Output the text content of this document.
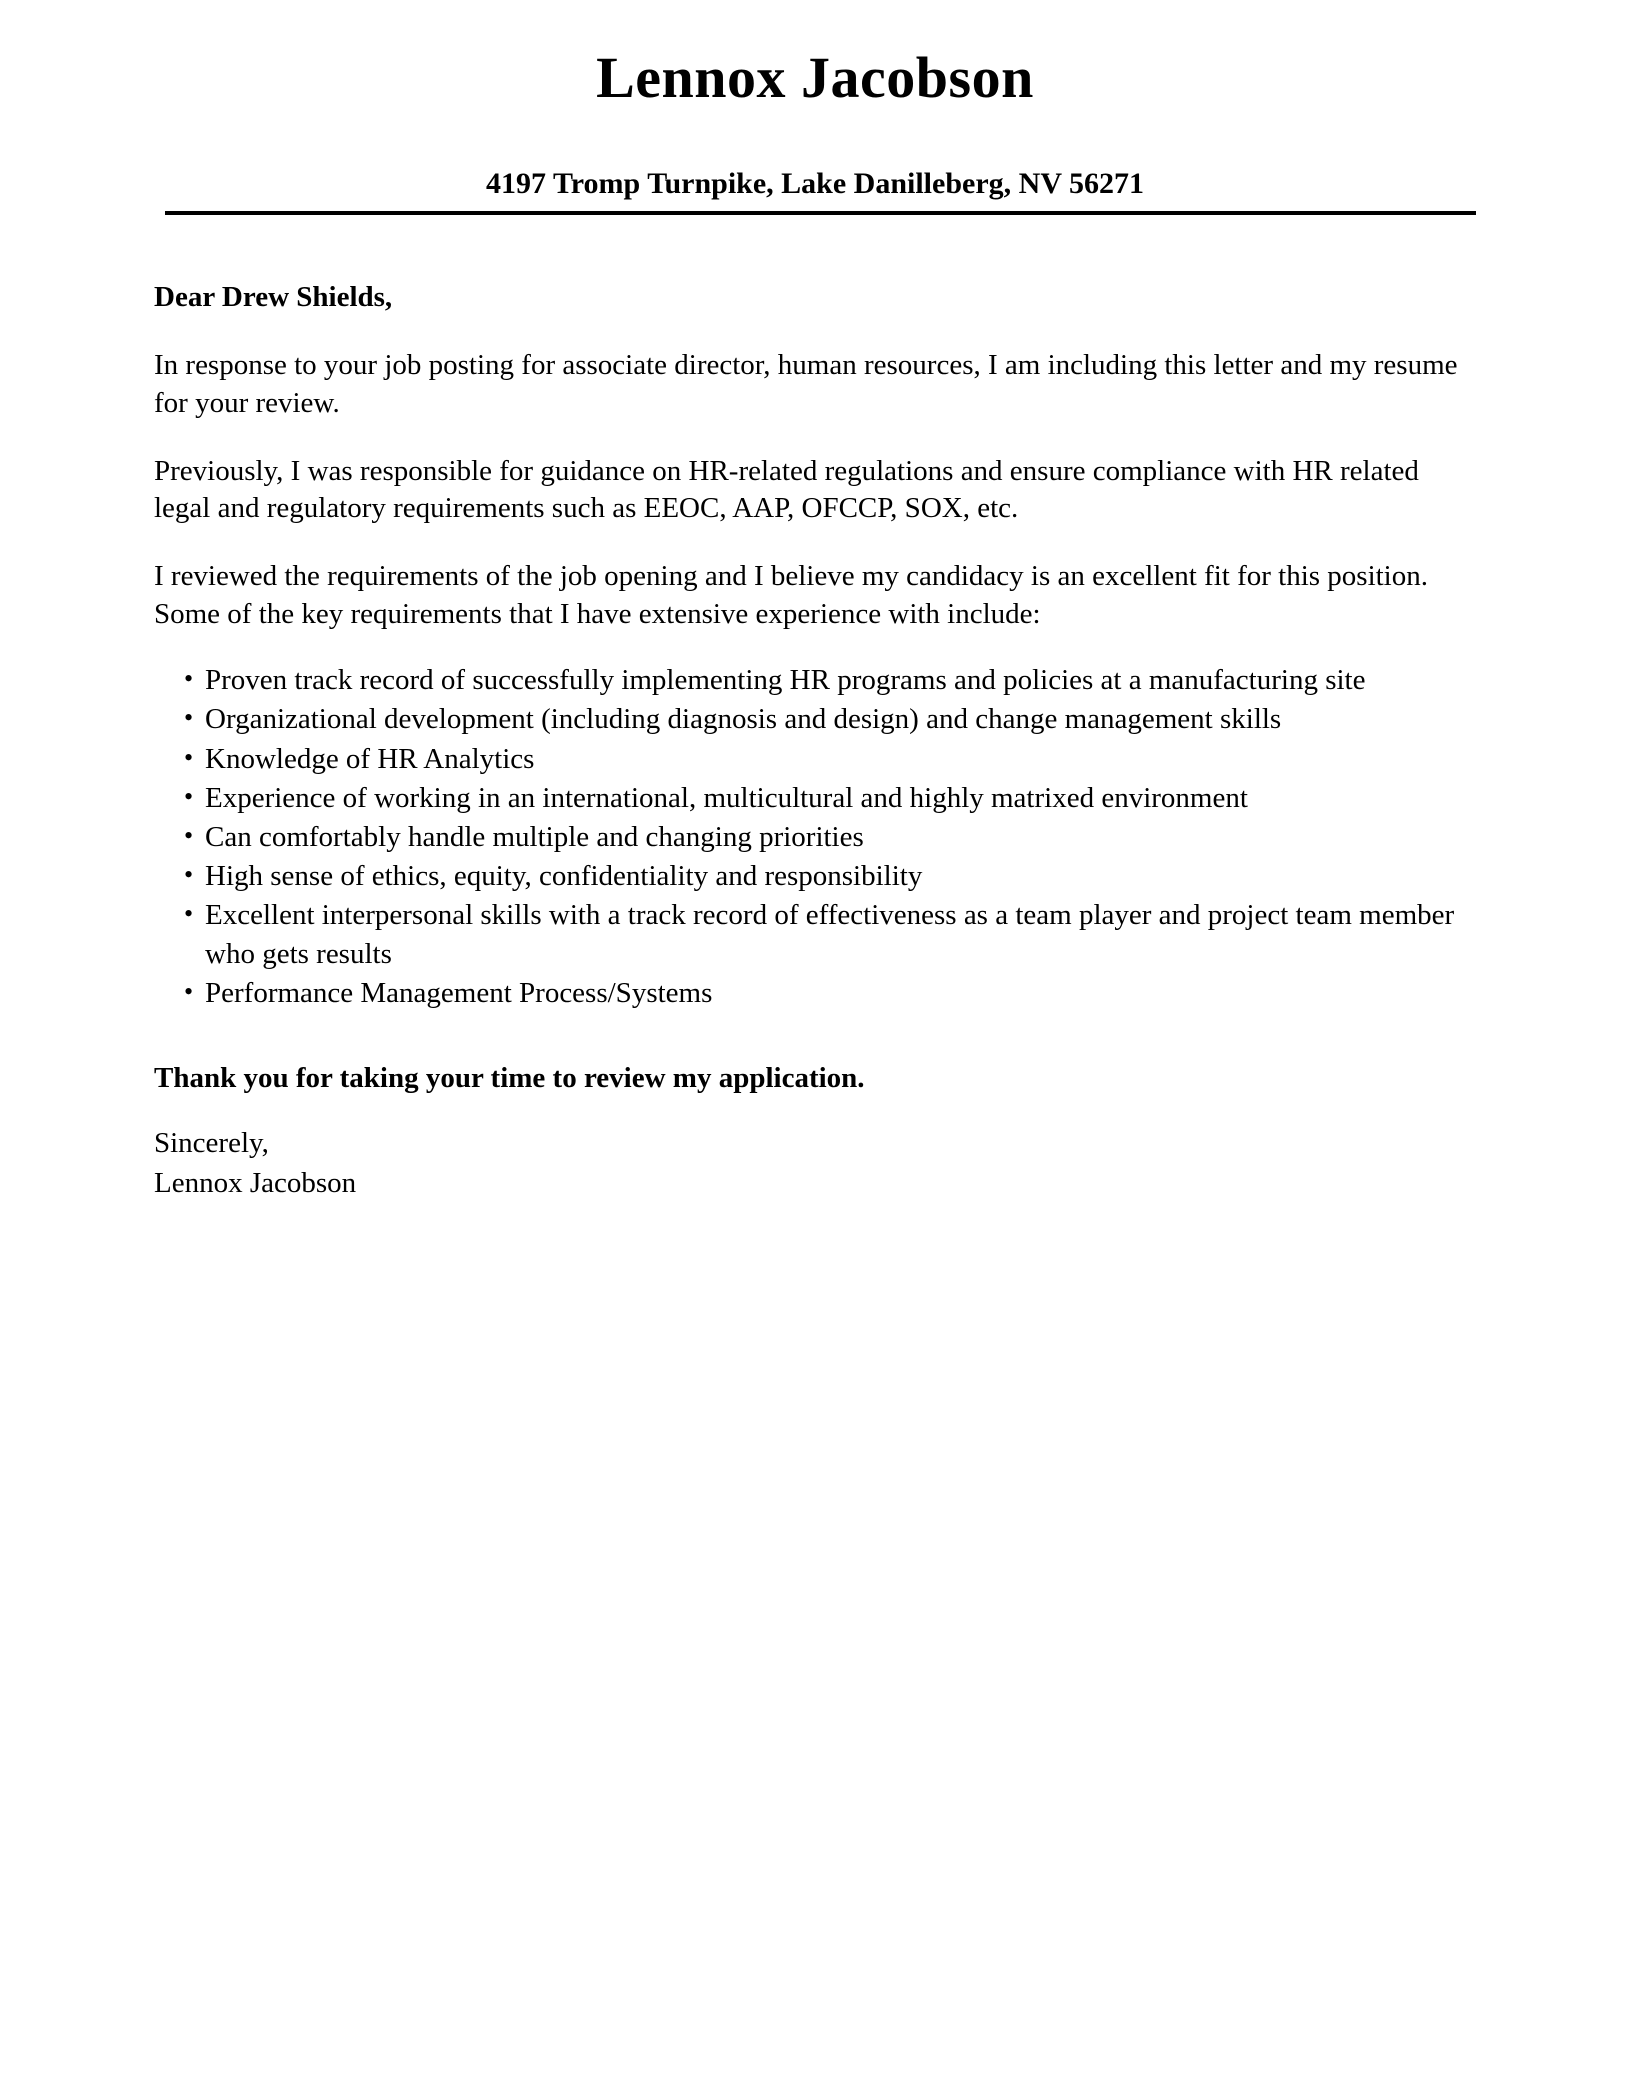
Lennox Jacobson
4197 Tromp Turnpike, Lake Danilleberg, NV 56271

Dear Drew Shields,

In response to your job posting for associate director, human resources, I am including this letter and my resume for your review.

Previously, I was responsible for guidance on HR-related regulations and ensure compliance with HR related legal and regulatory requirements such as EEOC, AAP, OFCCP, SOX, etc.

I reviewed the requirements of the job opening and I believe my candidacy is an excellent fit for this position. Some of the key requirements that I have extensive experience with include:

• Proven track record of successfully implementing HR programs and policies at a manufacturing site
• Organizational development (including diagnosis and design) and change management skills
• Knowledge of HR Analytics
• Experience of working in an international, multicultural and highly matrixed environment
• Can comfortably handle multiple and changing priorities
• High sense of ethics, equity, confidentiality and responsibility
• Excellent interpersonal skills with a track record of effectiveness as a team player and project team member who gets results
• Performance Management Process/Systems

Thank you for taking your time to review my application.

Sincerely,

Lennox Jacobson
